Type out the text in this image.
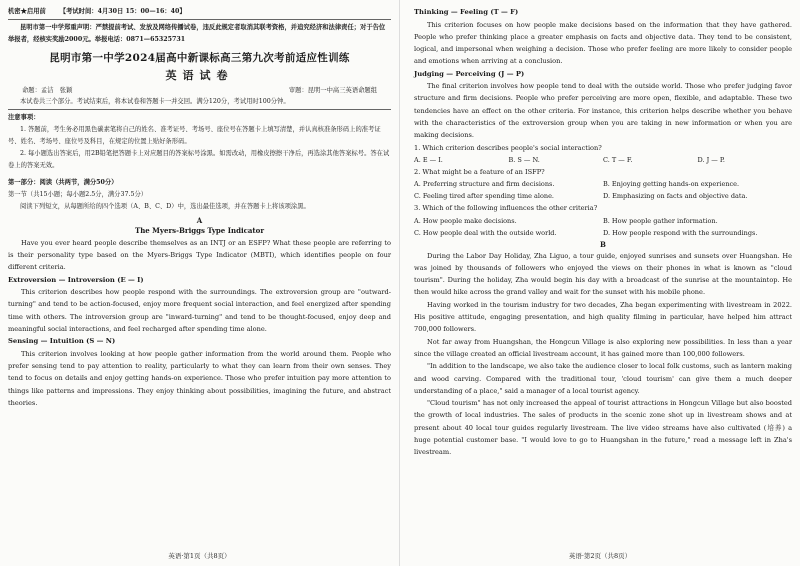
机密★启用前 【考试时间：4月30日 15：00—16：40】

昆明市第一中学郑重声明：严禁提前考试、发放及网络传播试卷，违反此规定者取消其联考资格，并追究经济和法律责任；对于告位举报者，经核实奖励2000元。举报电话：0871—65325731

昆明市第一中学2024届高中新课标高三第九次考前适应性训练
英语试卷
命题：孟洁　张颖	审题：昆明一中高三英语命题组

本试卷共三个部分。考试结束后，将本试卷和答题卡一并交回。满分120分，考试用时100分钟。

注意事项：

1. 答题前，考生务必用黑色碳素笔将自己的姓名、准考证号、考场号、座位号在答题卡上填写清楚，并认真核准条形码上的准考证号、姓名、考场号、座位号及科目，在规定的位置上贴好条形码。

2. 每小题选出答案后，用2B铅笔把答题卡上对应题目的答案标号涂黑。如需改动，用橡皮擦擦干净后，再选涂其他答案标号。答在试卷上的答案无效。

第一部分：阅读（共两节，满分50分）

第一节（共15小题；每小题2.5分，满分37.5分）

阅读下列短文，从每题所给的四个选项（A、B、C、D）中，选出最佳选项，并在答题卡上将该项涂黑。

A
The Myers-Briggs Type Indicator

Have you ever heard people describe themselves as an INTJ or an ESFP? What these people are referring to is their personality type based on the Myers-Briggs Type Indicator (MBTI), which identifies people on four different criteria.

Extroversion — Introversion (E — I)

This criterion describes how people respond with the surroundings. The extroversion group are "outward-turning" and tend to be action-focused, enjoy more frequent social interaction, and feel energized after spending time with others. The introversion group are "inward-turning" and tend to be thought-focused, enjoy deep and meaningful social interactions, and feel recharged after spending time alone.

Sensing — Intuition (S — N)

This criterion involves looking at how people gather information from the world around them. People who prefer sensing tend to pay attention to reality, particularly to what they can learn from their own senses. They tend to focus on details and enjoy getting hands-on experience. Those who prefer intuition pay more attention to things like patterns and impressions. They enjoy thinking about possibilities, imagining the future, and abstract theories.

英语·第1页（共8页）

Thinking — Feeling (T — F)

This criterion focuses on how people make decisions based on the information that they have gathered. People who prefer thinking place a greater emphasis on facts and objective data. They tend to be consistent, logical, and impersonal when weighing a decision. Those who prefer feeling are more likely to consider people and emotions when arriving at a conclusion.

Judging — Perceiving (J — P)

The final criterion involves how people tend to deal with the outside world. Those who prefer judging favor structure and firm decisions. People who prefer perceiving are more open, flexible, and adaptable. These two tendencies have an effect on the other criteria. For instance, this criterion helps describe whether you behave with the characteristics of the extroversion group when you are taking in new information or when you are making decisions.

1. Which criterion describes people's social interaction?

A. E — I.	B. S — N.	C. T — F.	D. J — P.

2. What might be a feature of an ISFP?

A. Preferring structure and firm decisions.	B. Enjoying getting hands-on experience.
C. Feeling tired after spending time alone.	D. Emphasizing on facts and objective data.

3. Which of the following influences the other criteria?

A. How people make decisions.	B. How people gather information.
C. How people deal with the outside world.	D. How people respond with the surroundings.
B

During the Labor Day Holiday, Zha Liguo, a tour guide, enjoyed sunrises and sunsets over Huangshan. He was joined by thousands of followers who enjoyed the views on their phones in what is known as "cloud tourism". During the holiday, Zha would begin his day with a broadcast of the sunrise at the mountaintop. He then would hike across the grand valley and wait for the sunset with his mobile phone.

Having worked in the tourism industry for two decades, Zha began experimenting with livestream in 2022. His positive attitude, engaging presentation, and high quality filming in particular, have helped him attract 700,000 followers.

Not far away from Huangshan, the Hongcun Village is also exploring new possibilities. In less than a year since the village created an official livestream account, it has gained more than 100,000 followers.

"In addition to the landscape, we also take the audience closer to local folk customs, such as lantern making and wood carving. Compared with the traditional tour, 'cloud tourism' can give them a much deeper understanding of a place," said a manager of a local tourist agency.

"Cloud tourism" has not only increased the appeal of tourist attractions in Hongcun Village but also boosted the growth of local industries. The sales of products in the scenic zone shot up in livestream shows and at present about 40 local tour guides regularly livestream. The live video streams have also cultivated (培养) a huge potential customer base. "I would love to go to Huangshan in the future," read a message left in Zha's livestream.

英语·第2页（共8页）
